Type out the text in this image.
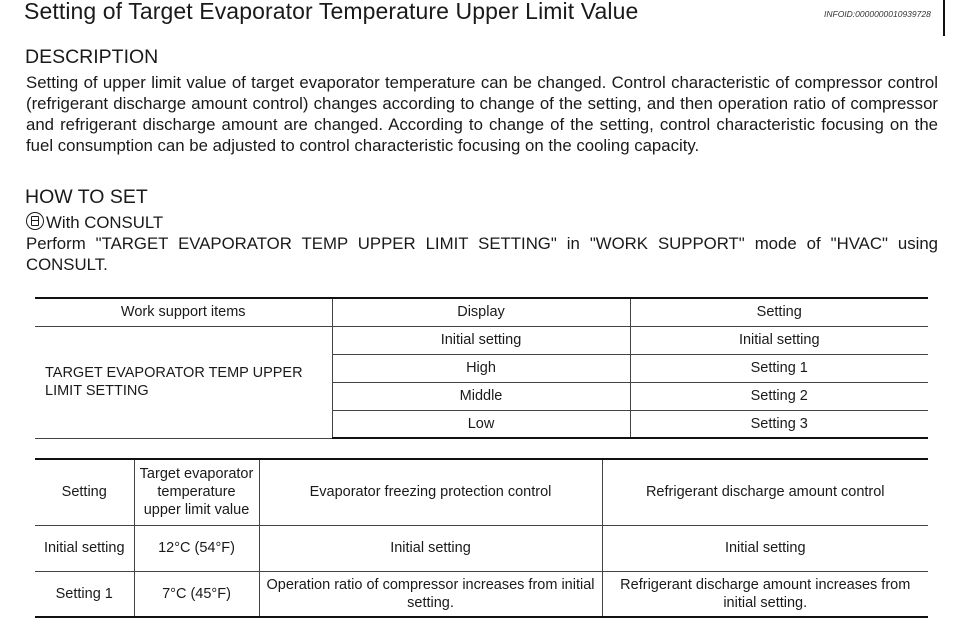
Setting of Target Evaporator Temperature Upper Limit Value	INFOID:0000000010939728
DESCRIPTION
Setting of upper limit value of target evaporator temperature can be changed. Control characteristic of compressor control (refrigerant discharge amount control) changes according to change of the setting, and then operation ratio of compressor and refrigerant discharge amount are changed. According to change of the setting, control characteristic focusing on the fuel consumption can be adjusted to control characteristic focusing on the cooling capacity.
HOW TO SET
With CONSULT
Perform "TARGET EVAPORATOR TEMP UPPER LIMIT SETTING" in "WORK SUPPORT" mode of "HVAC" using CONSULT.
Work support items	Display	Setting
TARGET EVAPORATOR TEMP UPPER LIMIT SETTING	Initial setting	Initial setting
	High	Setting 1
	Middle	Setting 2
	Low	Setting 3
Setting	Target evaporator temperature upper limit value	Evaporator freezing protection control	Refrigerant discharge amount control
Initial setting	12°C (54°F)	Initial setting	Initial setting
Setting 1	7°C (45°F)	Operation ratio of compressor increases from initial setting.	Refrigerant discharge amount increases from initial setting.
